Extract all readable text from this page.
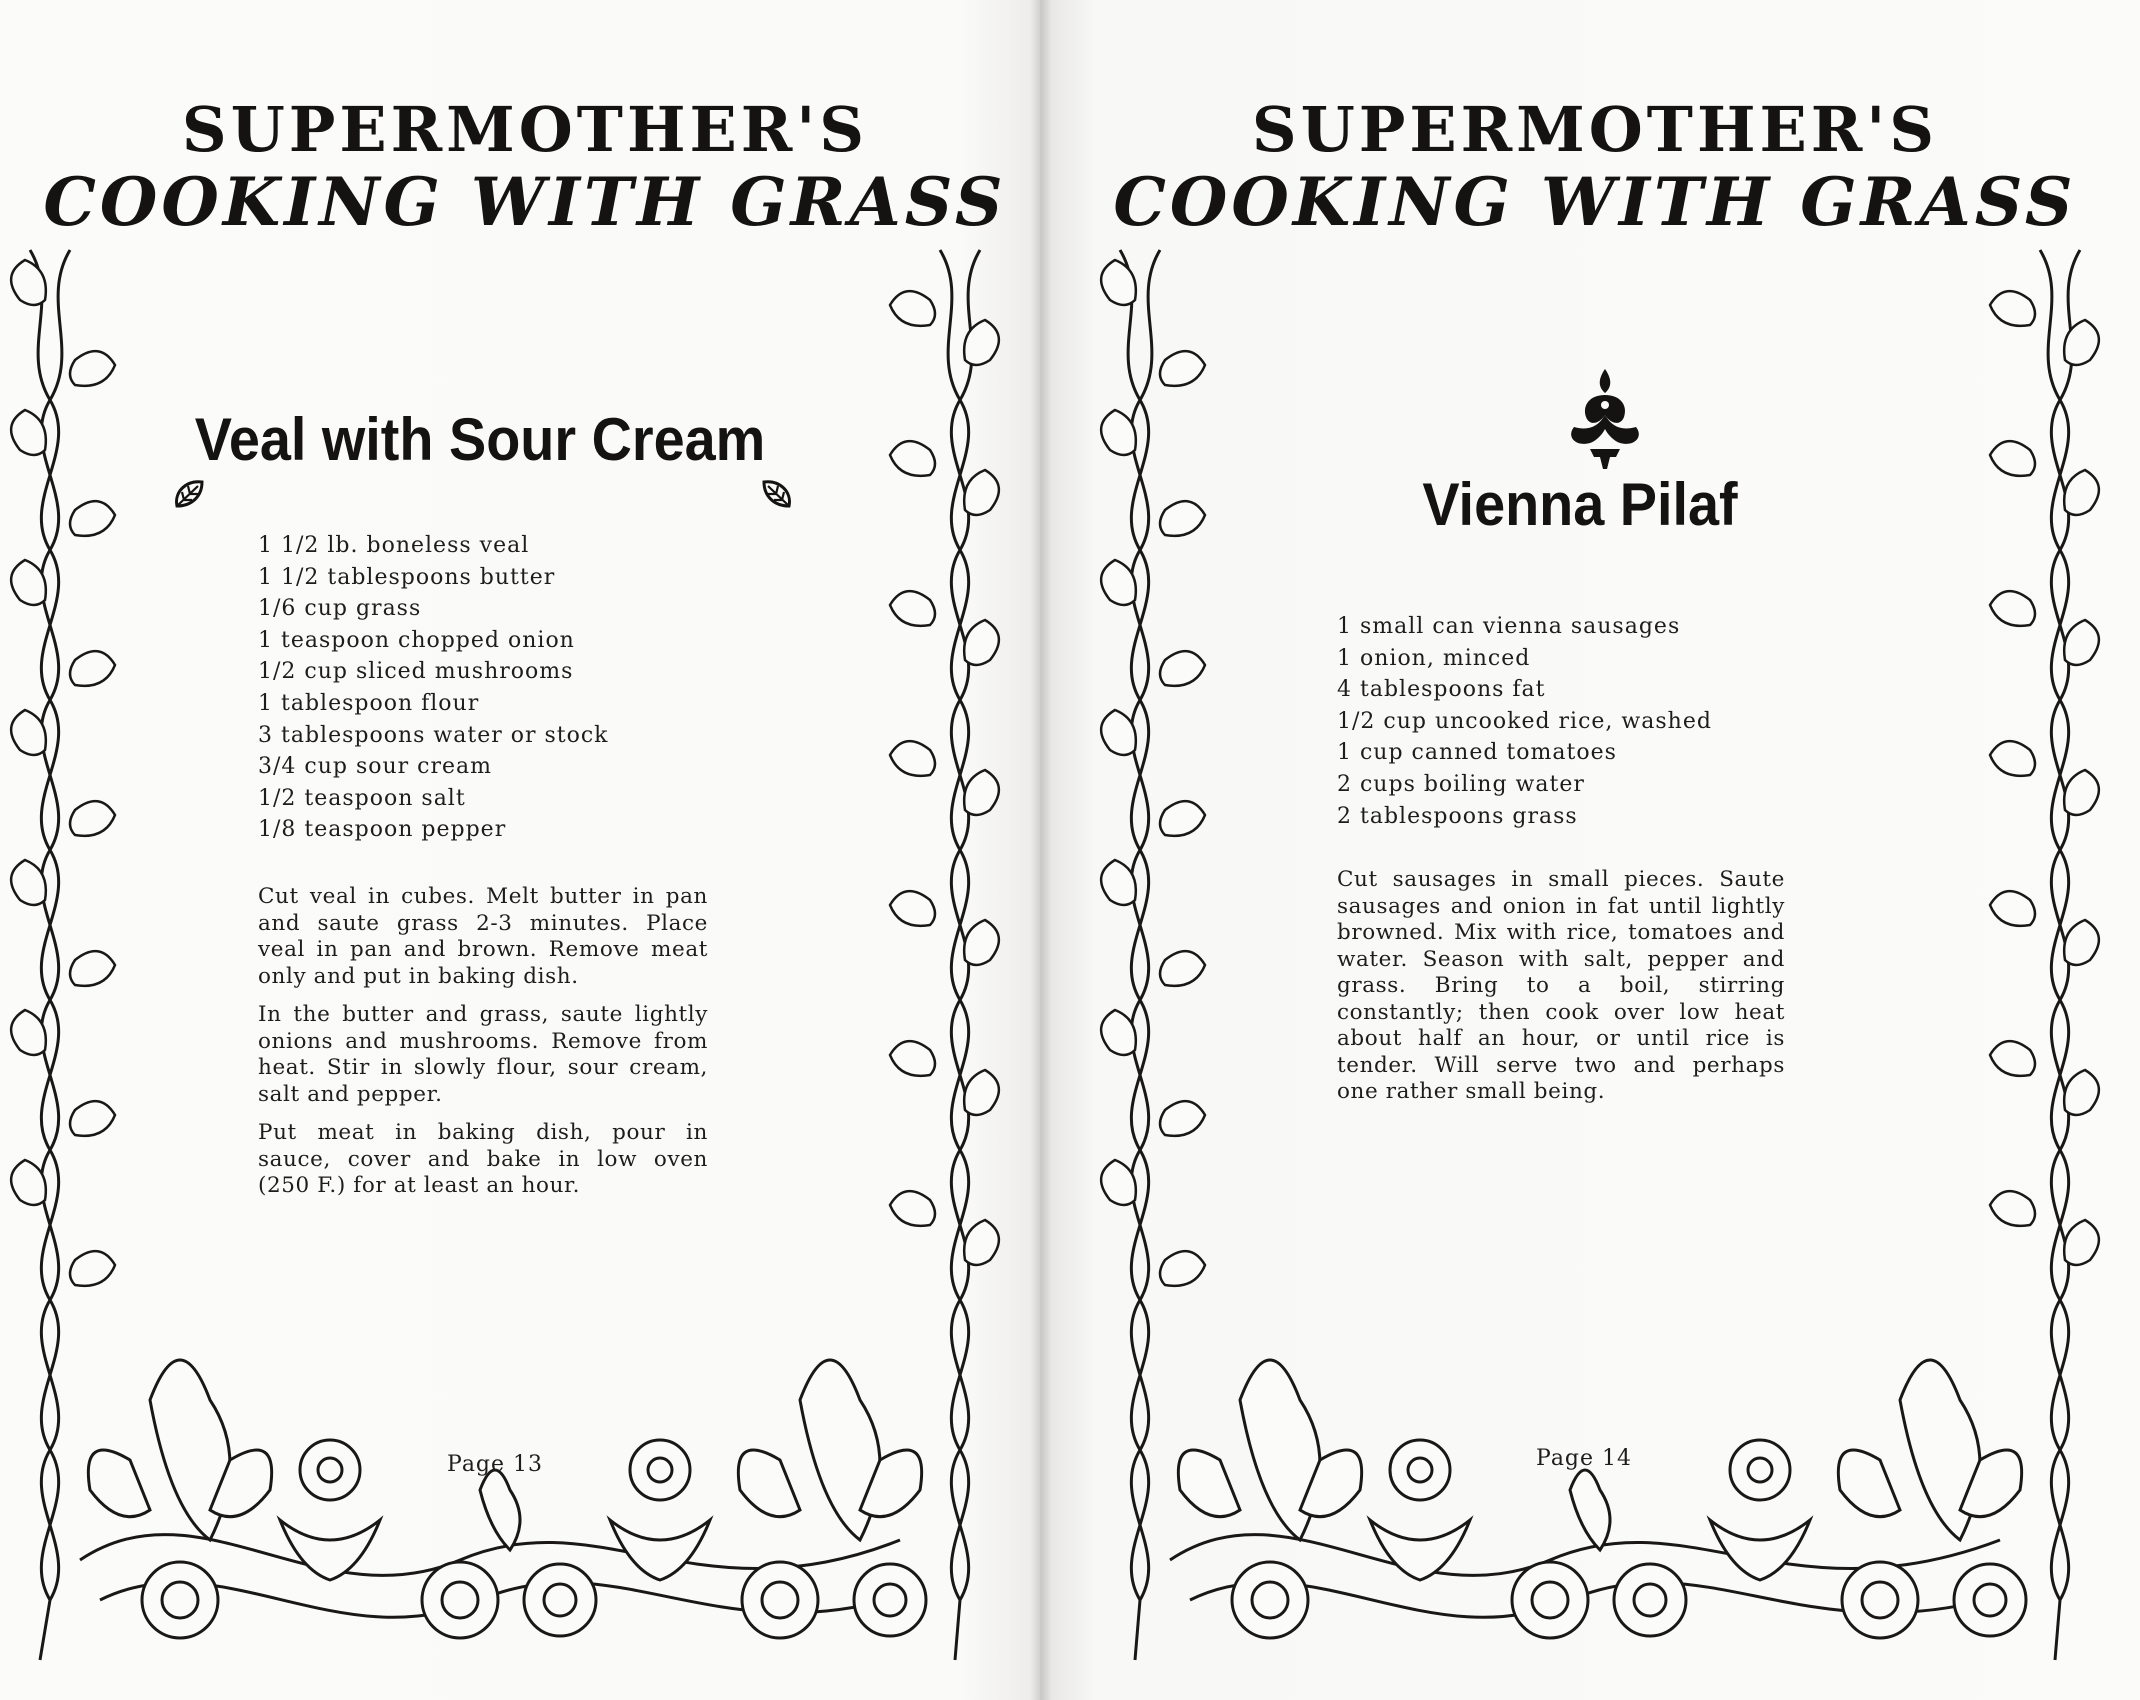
SUPERMOTHER'S
COOKING WITH GRASS
Veal with Sour Cream
1 1/2 lb. boneless veal
1 1/2 tablespoons butter
1/6 cup grass
1 teaspoon chopped onion
1/2 cup sliced mushrooms
1 tablespoon flour
3 tablespoons water or stock
3/4 cup sour cream
1/2 teaspoon salt
1/8 teaspoon pepper

Cut veal in cubes. Melt butter in pan and saute grass 2-3 minutes. Place veal in pan and brown. Remove meat only and put in baking dish.

In the butter and grass, saute lightly onions and mushrooms. Remove from heat. Stir in slowly flour, sour cream, salt and pepper.

Put meat in baking dish, pour in sauce, cover and bake in low oven (250 F.) for at least an hour.

Page 13
SUPERMOTHER'S
COOKING WITH GRASS
Vienna Pilaf
1 small can vienna sausages
1 onion, minced
4 tablespoons fat
1/2 cup uncooked rice, washed
1 cup canned tomatoes
2 cups boiling water
2 tablespoons grass

Cut sausages in small pieces. Saute sausages and onion in fat until lightly browned. Mix with rice, tomatoes and water. Season with salt, pepper and grass. Bring to a boil, stirring constantly; then cook over low heat about half an hour, or until rice is tender. Will serve two and perhaps one rather small being.

Page 14
